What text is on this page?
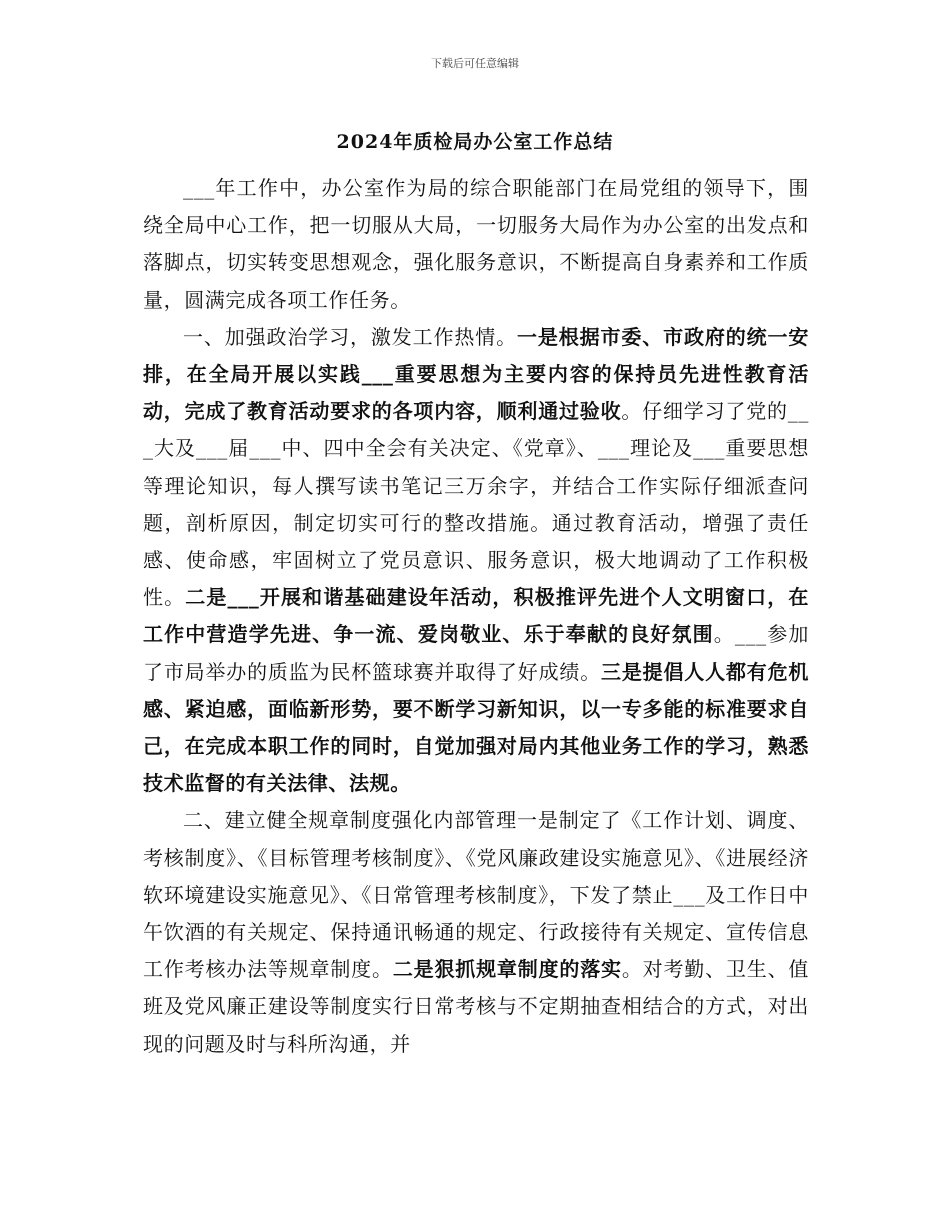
下载后可任意编辑
2024年质检局办公室工作总结

___年工作中，办公室作为局的综合职能部门在局党组的领导下，围绕全局中心工作，把一切服从大局，一切服务大局作为办公室的出发点和落脚点，切实转变思想观念，强化服务意识，不断提高自身素养和工作质量，圆满完成各项工作任务。

一、加强政治学习，激发工作热情。一是根据市委、市政府的统一安排，在全局开展以实践___重要思想为主要内容的保持员先进性教育活动，完成了教育活动要求的各项内容，顺利通过验收。仔细学习了党的___大及___届___中、四中全会有关决定、《党章》、___理论及___重要思想等理论知识，每人撰写读书笔记三万余字，并结合工作实际仔细派查问题，剖析原因，制定切实可行的整改措施。通过教育活动，增强了责任感、使命感，牢固树立了党员意识、服务意识，极大地调动了工作积极性。二是___开展和谐基础建设年活动，积极推评先进个人文明窗口，在工作中营造学先进、争一流、爱岗敬业、乐于奉献的良好氛围。___参加了市局举办的质监为民杯篮球赛并取得了好成绩。三是提倡人人都有危机感、紧迫感，面临新形势，要不断学习新知识，以一专多能的标准要求自己，在完成本职工作的同时，自觉加强对局内其他业务工作的学习，熟悉技术监督的有关法律、法规。

二、建立健全规章制度强化内部管理一是制定了《工作计划、调度、考核制度》、《目标管理考核制度》、《党风廉政建设实施意见》、《进展经济软环境建设实施意见》、《日常管理考核制度》，下发了禁止___及工作日中午饮酒的有关规定、保持通讯畅通的规定、行政接待有关规定、宣传信息工作考核办法等规章制度。二是狠抓规章制度的落实。对考勤、卫生、值班及党风廉正建设等制度实行日常考核与不定期抽查相结合的方式，对出现的问题及时与科所沟通，并
